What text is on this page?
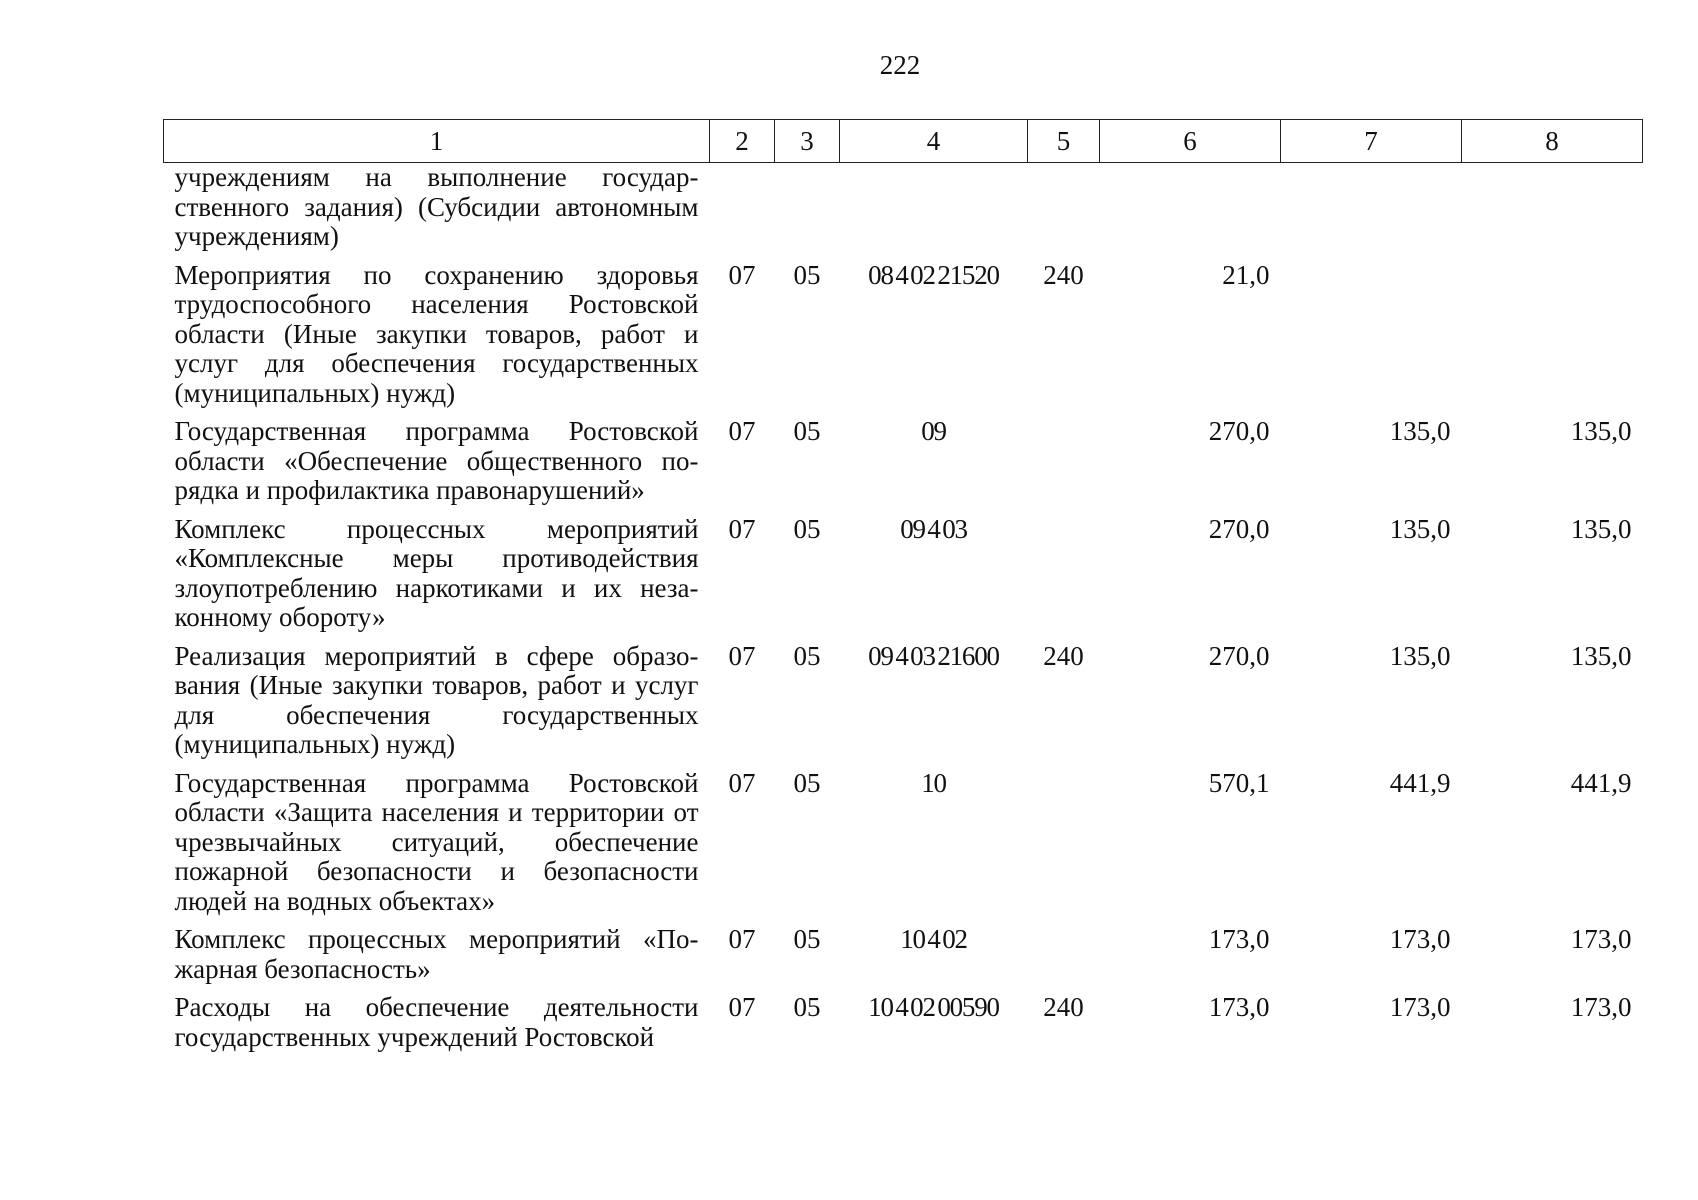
222
1	2	3	4	5	6	7	8
учреждениям на выполнение государственного задания) (Субсидии автономным учреждениям)							
Мероприятия по сохранению здоровья трудоспособного населения Ростовской области (Иные закупки товаров, работ и услуг для обеспечения государственных (муниципальных) нужд)	07	05	08 4 02 21520	240	21,0		
Государственная программа Ростовской области «Обеспечение общественного порядка и профилактика правонарушений»	07	05	09		270,0	135,0	135,0
Комплекс процессных мероприятий «Комплексные меры противодействия злоупотреблению наркотиками и их незаконному обороту»	07	05	09 4 03		270,0	135,0	135,0
Реализация мероприятий в сфере образования (Иные закупки товаров, работ и услуг для обеспечения государственных (муниципальных) нужд)	07	05	09 4 03 21600	240	270,0	135,0	135,0
Государственная программа Ростовской области «Защита населения и территории от чрезвычайных ситуаций, обеспечение пожарной безопасности и безопасности людей на водных объектах»	07	05	10		570,1	441,9	441,9
Комплекс процессных мероприятий «Пожарная безопасность»	07	05	10 4 02		173,0	173,0	173,0
Расходы на обеспечение деятельности государственных учреждений Ростовской	07	05	10 4 02 00590	240	173,0	173,0	173,0
